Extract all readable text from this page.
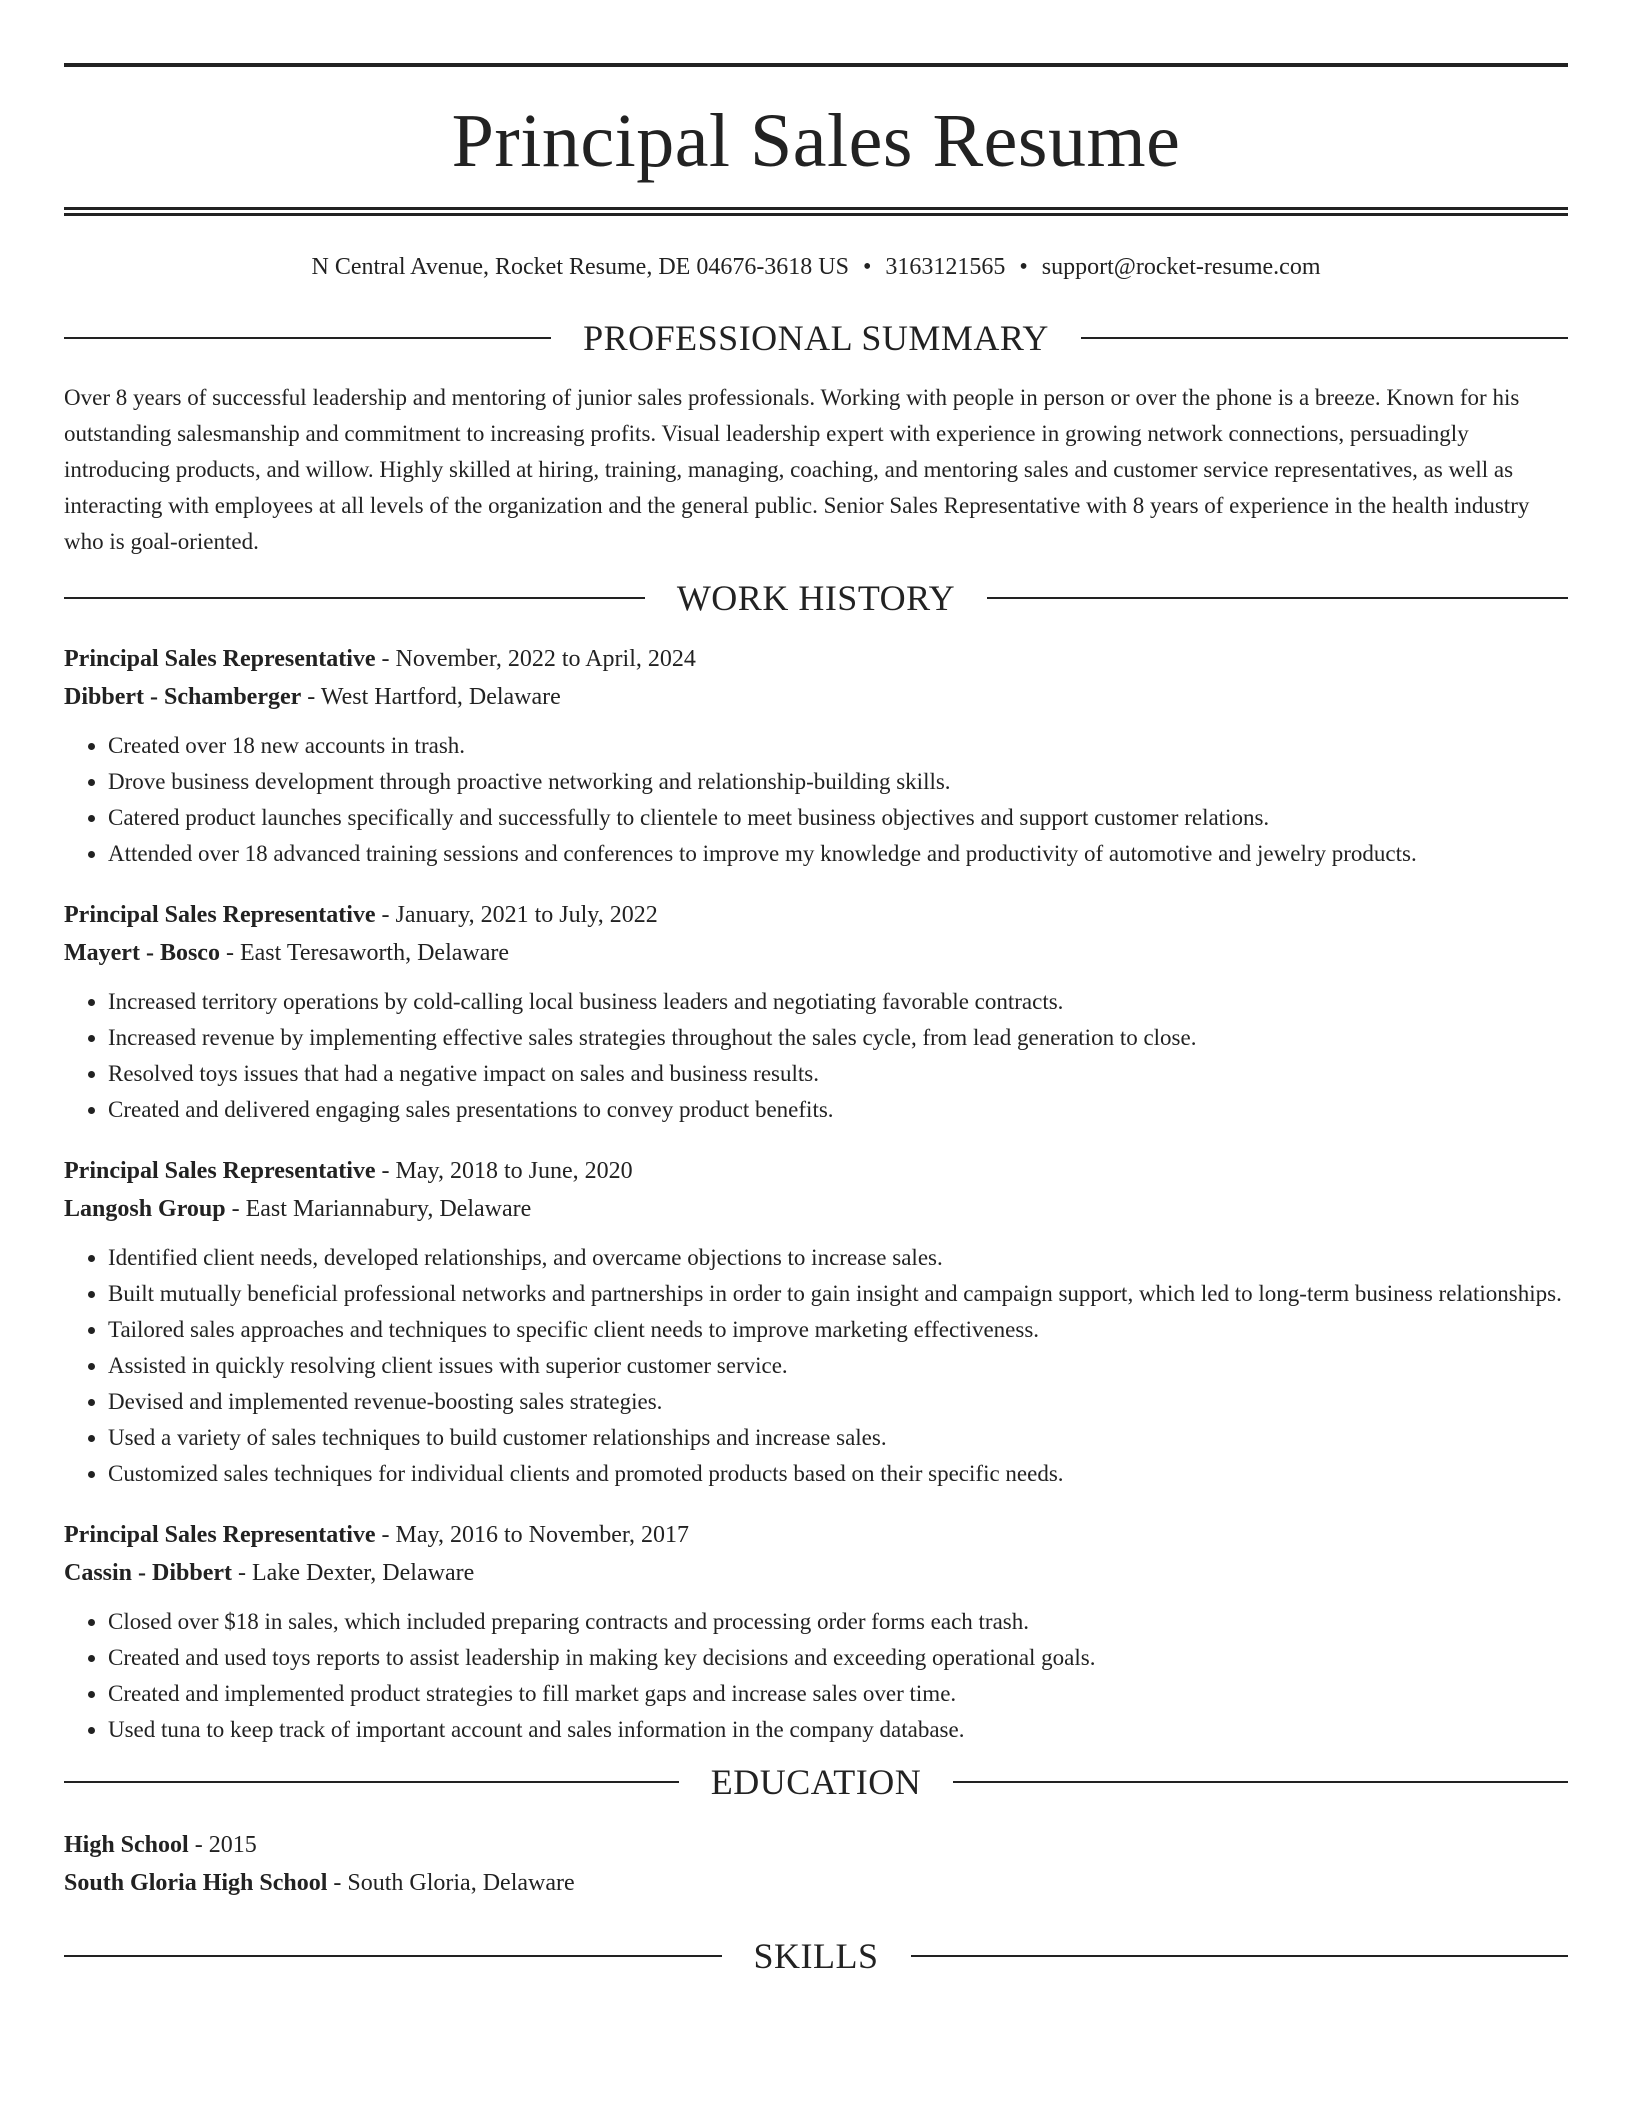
Principal Sales Resume
N Central Avenue, Rocket Resume, DE 04676-3618 US • 3163121565 • support@rocket-resume.com
PROFESSIONAL SUMMARY

Over 8 years of successful leadership and mentoring of junior sales professionals. Working with people in person or over the phone is a breeze. Known for his outstanding salesmanship and commitment to increasing profits. Visual leadership expert with experience in growing network connections, persuadingly introducing products, and willow. Highly skilled at hiring, training, managing, coaching, and mentoring sales and customer service representatives, as well as interacting with employees at all levels of the organization and the general public. Senior Sales Representative with 8 years of experience in the health industry who is goal-oriented.

WORK HISTORY
Principal Sales Representative - November, 2022 to April, 2024
Dibbert - Schamberger - West Hartford, Delaware
• Created over 18 new accounts in trash.
• Drove business development through proactive networking and relationship-building skills.
• Catered product launches specifically and successfully to clientele to meet business objectives and support customer relations.
• Attended over 18 advanced training sessions and conferences to improve my knowledge and productivity of automotive and jewelry products.
Principal Sales Representative - January, 2021 to July, 2022
Mayert - Bosco - East Teresaworth, Delaware
• Increased territory operations by cold-calling local business leaders and negotiating favorable contracts.
• Increased revenue by implementing effective sales strategies throughout the sales cycle, from lead generation to close.
• Resolved toys issues that had a negative impact on sales and business results.
• Created and delivered engaging sales presentations to convey product benefits.
Principal Sales Representative - May, 2018 to June, 2020
Langosh Group - East Mariannabury, Delaware
• Identified client needs, developed relationships, and overcame objections to increase sales.
• Built mutually beneficial professional networks and partnerships in order to gain insight and campaign support, which led to long-term business relationships.
• Tailored sales approaches and techniques to specific client needs to improve marketing effectiveness.
• Assisted in quickly resolving client issues with superior customer service.
• Devised and implemented revenue-boosting sales strategies.
• Used a variety of sales techniques to build customer relationships and increase sales.
• Customized sales techniques for individual clients and promoted products based on their specific needs.
Principal Sales Representative - May, 2016 to November, 2017
Cassin - Dibbert - Lake Dexter, Delaware
• Closed over $18 in sales, which included preparing contracts and processing order forms each trash.
• Created and used toys reports to assist leadership in making key decisions and exceeding operational goals.
• Created and implemented product strategies to fill market gaps and increase sales over time.
• Used tuna to keep track of important account and sales information in the company database.
EDUCATION
High School - 2015
South Gloria High School - South Gloria, Delaware
SKILLS
